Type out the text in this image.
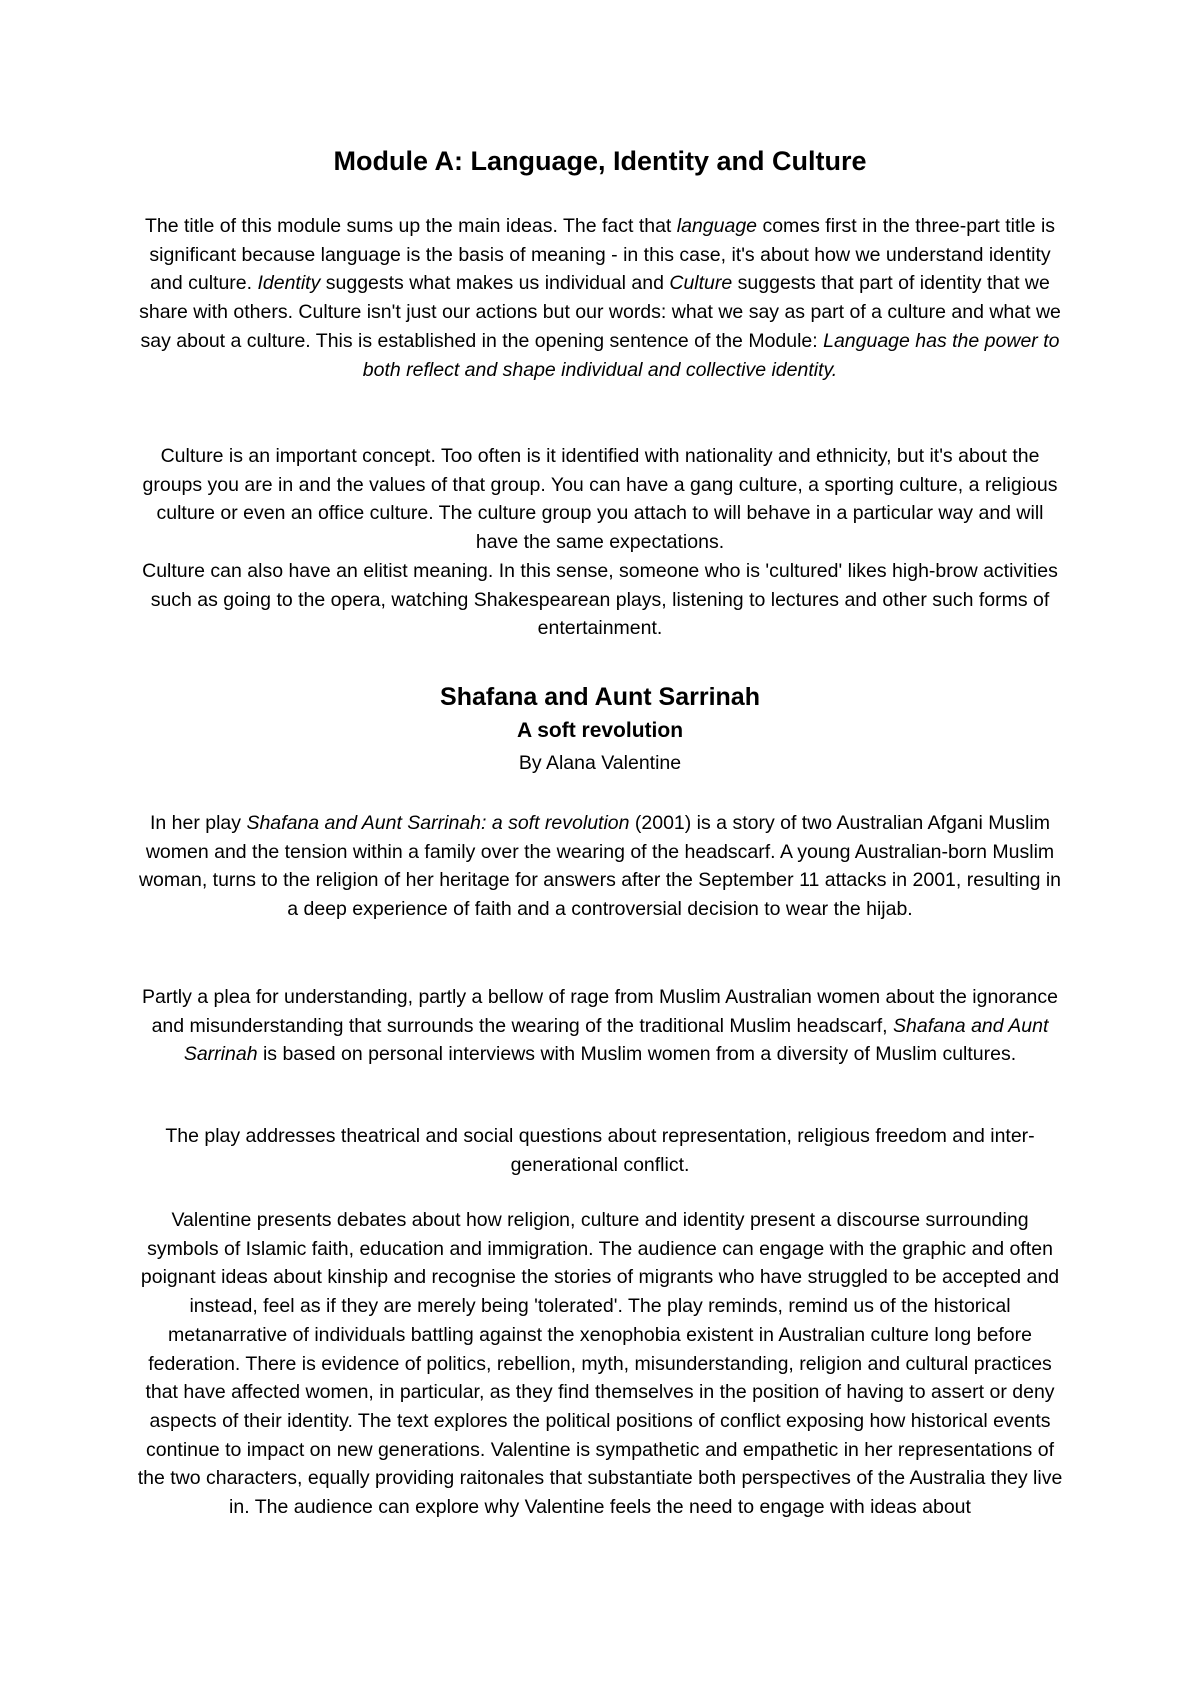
Module A: Language, Identity and Culture

The title of this module sums up the main ideas. The fact that language comes first in the three-part title is significant because language is the basis of meaning - in this case, it's about how we understand identity and culture. Identity suggests what makes us individual and Culture suggests that part of identity that we share with others. Culture isn't just our actions but our words: what we say as part of a culture and what we say about a culture. This is established in the opening sentence of the Module: Language has the power to both reflect and shape individual and collective identity.

Culture is an important concept. Too often is it identified with nationality and ethnicity, but it's about the groups you are in and the values of that group. You can have a gang culture, a sporting culture, a religious culture or even an office culture. The culture group you attach to will behave in a particular way and will have the same expectations.

Culture can also have an elitist meaning. In this sense, someone who is 'cultured' likes high-brow activities such as going to the opera, watching Shakespearean plays, listening to lectures and other such forms of entertainment.

Shafana and Aunt Sarrinah
A soft revolution

By Alana Valentine

In her play Shafana and Aunt Sarrinah: a soft revolution (2001) is a story of two Australian Afgani Muslim women and the tension within a family over the wearing of the headscarf. A young Australian-born Muslim woman, turns to the religion of her heritage for answers after the September 11 attacks in 2001, resulting in a deep experience of faith and a controversial decision to wear the hijab.

Partly a plea for understanding, partly a bellow of rage from Muslim Australian women about the ignorance and misunderstanding that surrounds the wearing of the traditional Muslim headscarf, Shafana and Aunt Sarrinah is based on personal interviews with Muslim women from a diversity of Muslim cultures.

The play addresses theatrical and social questions about representation, religious freedom and inter-generational conflict.

Valentine presents debates about how religion, culture and identity present a discourse surrounding symbols of Islamic faith, education and immigration. The audience can engage with the graphic and often poignant ideas about kinship and recognise the stories of migrants who have struggled to be accepted and instead, feel as if they are merely being 'tolerated'. The play reminds, remind us of the historical metanarrative of individuals battling against the xenophobia existent in Australian culture long before federation. There is evidence of politics, rebellion, myth, misunderstanding, religion and cultural practices that have affected women, in particular, as they find themselves in the position of having to assert or deny aspects of their identity. The text explores the political positions of conflict exposing how historical events continue to impact on new generations. Valentine is sympathetic and empathetic in her representations of the two characters, equally providing raitonales that substantiate both perspectives of the Australia they live in. The audience can explore why Valentine feels the need to engage with ideas about
